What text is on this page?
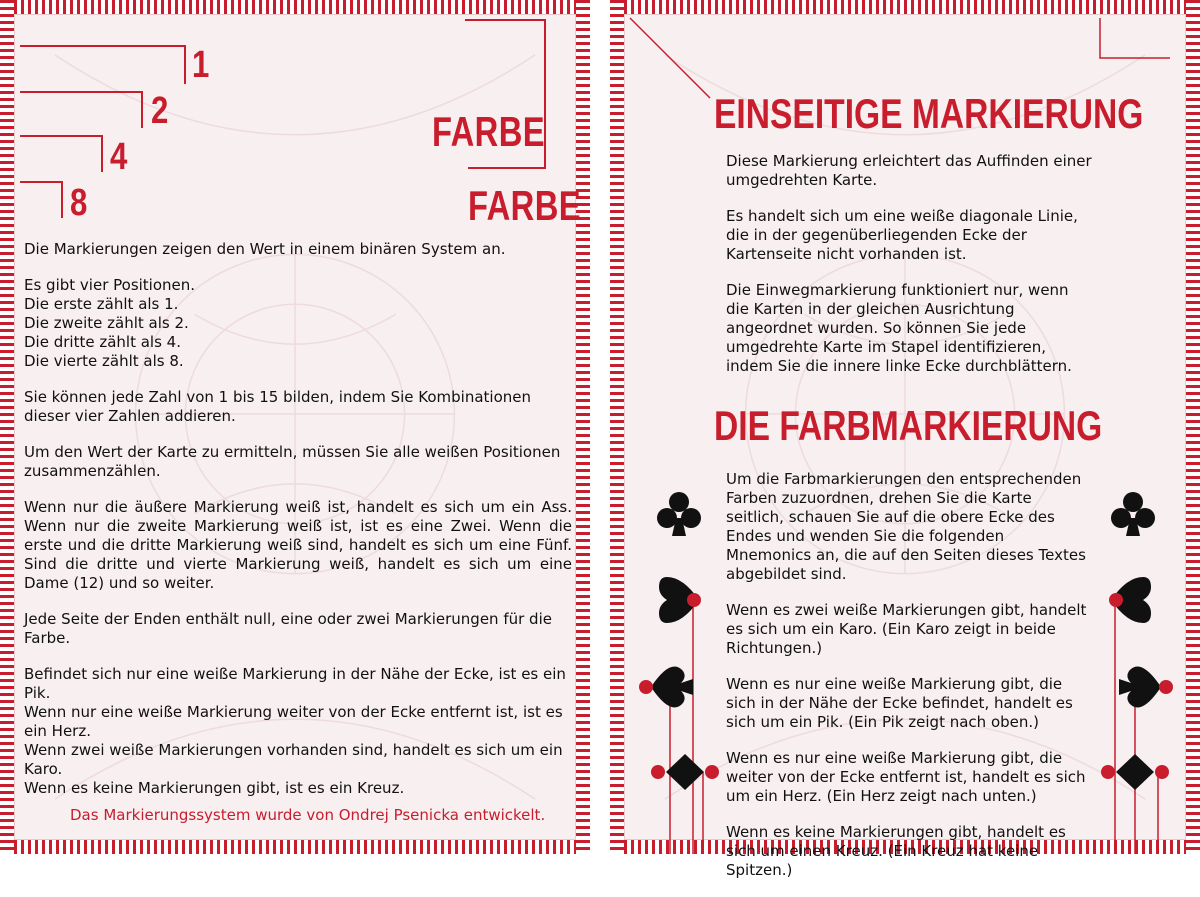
1
2
4
8
FARBE
FARBE

Die Markierungen zeigen den Wert in einem binären System an.

Es gibt vier Positionen.
Die erste zählt als 1.
Die zweite zählt als 2.
Die dritte zählt als 4.
Die vierte zählt als 8.

Sie können jede Zahl von 1 bis 15 bilden, indem Sie Kombinationen dieser vier Zahlen addieren.

Um den Wert der Karte zu ermitteln, müssen Sie alle weißen Positionen zusammenzählen.

Wenn nur die äußere Markierung weiß ist, handelt es sich um ein Ass. Wenn nur die zweite Markierung weiß ist, ist es eine Zwei. Wenn die erste und die dritte Markierung weiß sind, handelt es sich um eine Fünf. Sind die dritte und vierte Markierung weiß, handelt es sich um eine Dame (12) und so weiter.

Jede Seite der Enden enthält null, eine oder zwei Markierungen für die Farbe.

Befindet sich nur eine weiße Markierung in der Nähe der Ecke, ist es ein Pik.
Wenn nur eine weiße Markierung weiter von der Ecke entfernt ist, ist es ein Herz.
Wenn zwei weiße Markierungen vorhanden sind, handelt es sich um ein Karo.
Wenn es keine Markierungen gibt, ist es ein Kreuz.

Das Markierungssystem wurde von Ondrej Psenicka entwickelt.
EINSEITIGE MARKIERUNG

Diese Markierung erleichtert das Auffinden einer umgedrehten Karte.

Es handelt sich um eine weiße diagonale Linie, die in der gegenüberliegenden Ecke der Kartenseite nicht vorhanden ist.

Die Einwegmarkierung funktioniert nur, wenn die Karten in der gleichen Ausrichtung angeordnet wurden. So können Sie jede umgedrehte Karte im Stapel identifizieren, indem Sie die innere linke Ecke durchblättern.

DIE FARBMARKIERUNG

Um die Farbmarkierungen den entsprechenden Farben zuzuordnen, drehen Sie die Karte seitlich, schauen Sie auf die obere Ecke des Endes und wenden Sie die folgenden Mnemonics an, die auf den Seiten dieses Textes abgebildet sind.

Wenn es zwei weiße Markierungen gibt, handelt es sich um ein Karo. (Ein Karo zeigt in beide Richtungen.)

Wenn es nur eine weiße Markierung gibt, die sich in der Nähe der Ecke befindet, handelt es sich um ein Pik. (Ein Pik zeigt nach oben.)

Wenn es nur eine weiße Markierung gibt, die weiter von der Ecke entfernt ist, handelt es sich um ein Herz. (Ein Herz zeigt nach unten.)

Wenn es keine Markierungen gibt, handelt es sich um einen Kreuz. (Ein Kreuz hat keine Spitzen.)
